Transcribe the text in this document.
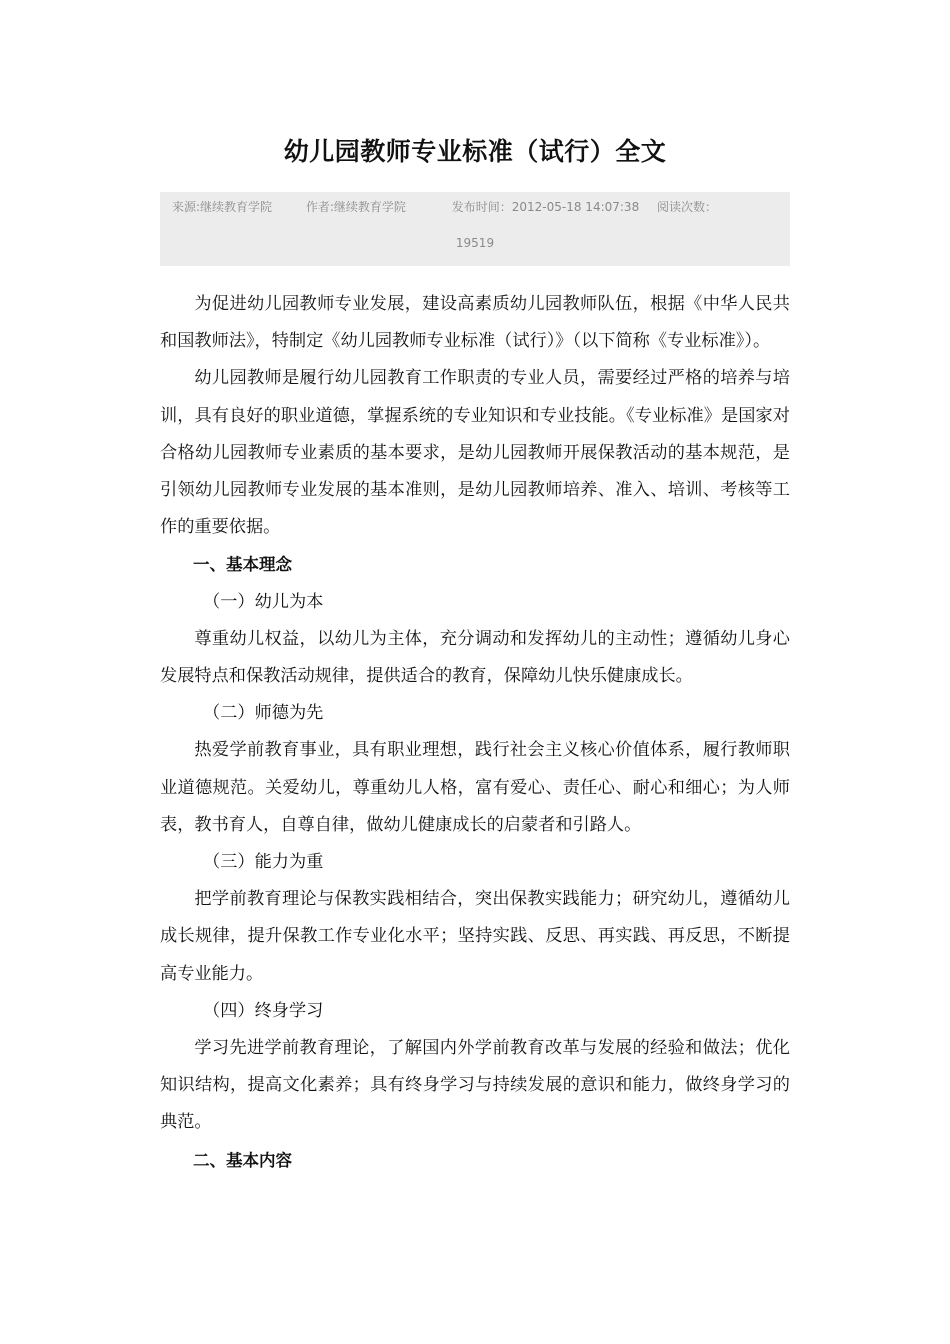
幼儿园教师专业标准（试行）全文
来源:继续教育学院	作者:继续教育学院	发布时间：2012-05-18 14:07:38 阅读次数：
19519

为促进幼儿园教师专业发展，建设高素质幼儿园教师队伍，根据《中华人民共和国教师法》，特制定《幼儿园教师专业标准（试行）》（以下简称《专业标准》）。

幼儿园教师是履行幼儿园教育工作职责的专业人员，需要经过严格的培养与培训，具有良好的职业道德，掌握系统的专业知识和专业技能。《专业标准》是国家对合格幼儿园教师专业素质的基本要求，是幼儿园教师开展保教活动的基本规范，是引领幼儿园教师专业发展的基本准则，是幼儿园教师培养、准入、培训、考核等工作的重要依据。

一、基本理念

（一）幼儿为本

尊重幼儿权益，以幼儿为主体，充分调动和发挥幼儿的主动性；遵循幼儿身心发展特点和保教活动规律，提供适合的教育，保障幼儿快乐健康成长。

（二）师德为先

热爱学前教育事业，具有职业理想，践行社会主义核心价值体系，履行教师职业道德规范。关爱幼儿，尊重幼儿人格，富有爱心、责任心、耐心和细心；为人师表，教书育人，自尊自律，做幼儿健康成长的启蒙者和引路人。

（三）能力为重

把学前教育理论与保教实践相结合，突出保教实践能力；研究幼儿，遵循幼儿成长规律，提升保教工作专业化水平；坚持实践、反思、再实践、再反思，不断提高专业能力。

（四）终身学习

学习先进学前教育理论，了解国内外学前教育改革与发展的经验和做法；优化知识结构，提高文化素养；具有终身学习与持续发展的意识和能力，做终身学习的典范。

二、基本内容
